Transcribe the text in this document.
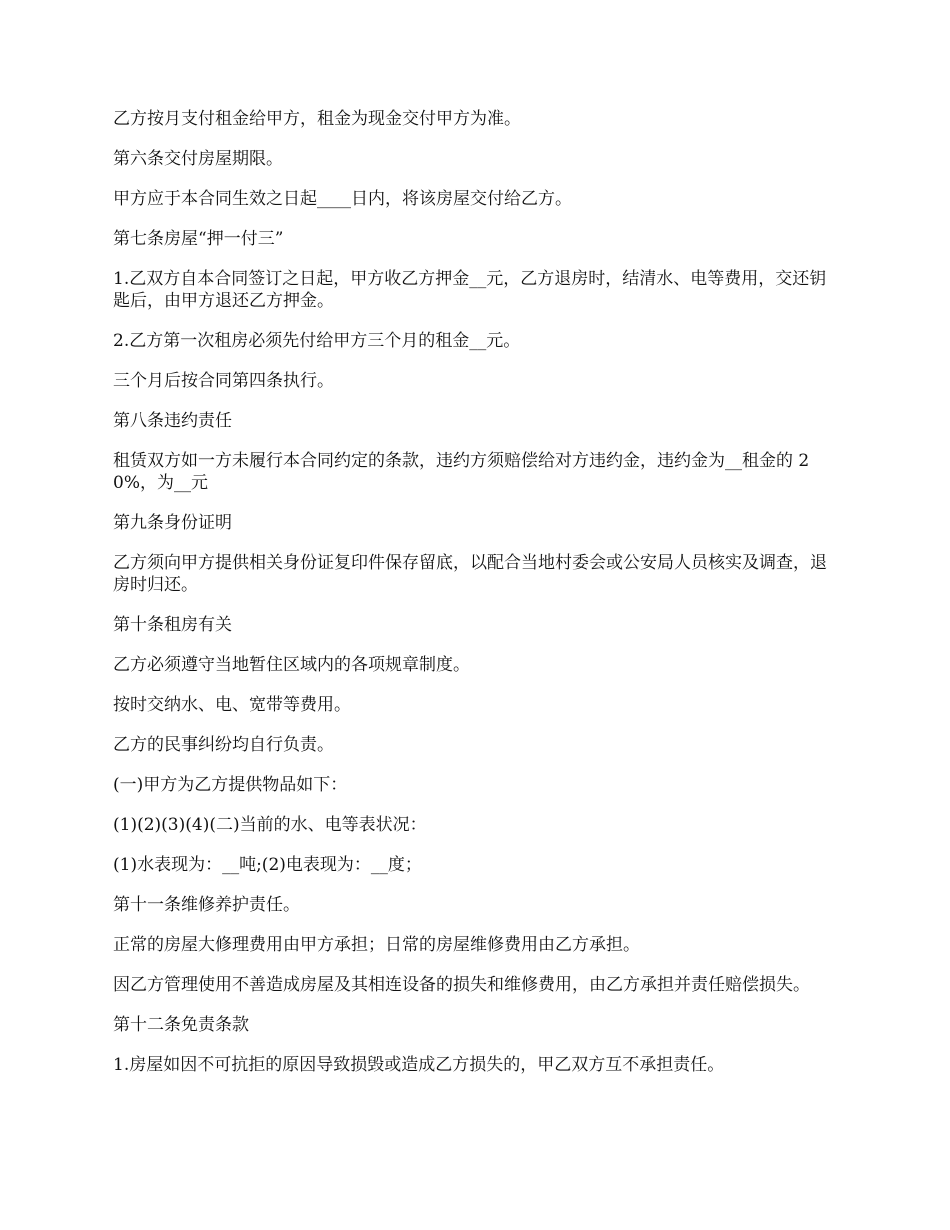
乙方按月支付租金给甲方，租金为现金交付甲方为准。

第六条交付房屋期限。

甲方应于本合同生效之日起____日内，将该房屋交付给乙方。

第七条房屋“押一付三”

1.乙双方自本合同签订之日起，甲方收乙方押金__元，乙方退房时，结清水、电等费用，交还钥匙后，由甲方退还乙方押金。

2.乙方第一次租房必须先付给甲方三个月的租金__元。

三个月后按合同第四条执行。

第八条违约责任

租赁双方如一方未履行本合同约定的条款，违约方须赔偿给对方违约金，违约金为__租金的 20%，为__元

第九条身份证明

乙方须向甲方提供相关身份证复印件保存留底，以配合当地村委会或公安局人员核实及调查，退房时归还。

第十条租房有关

乙方必须遵守当地暂住区域内的各项规章制度。

按时交纳水、电、宽带等费用。

乙方的民事纠纷均自行负责。

(一)甲方为乙方提供物品如下：

(1)(2)(3)(4)(二)当前的水、电等表状况：

(1)水表现为：__吨;(2)电表现为：__度；

第十一条维修养护责任。

正常的房屋大修理费用由甲方承担；日常的房屋维修费用由乙方承担。

因乙方管理使用不善造成房屋及其相连设备的损失和维修费用，由乙方承担并责任赔偿损失。

第十二条免责条款

1.房屋如因不可抗拒的原因导致损毁或造成乙方损失的，甲乙双方互不承担责任。
